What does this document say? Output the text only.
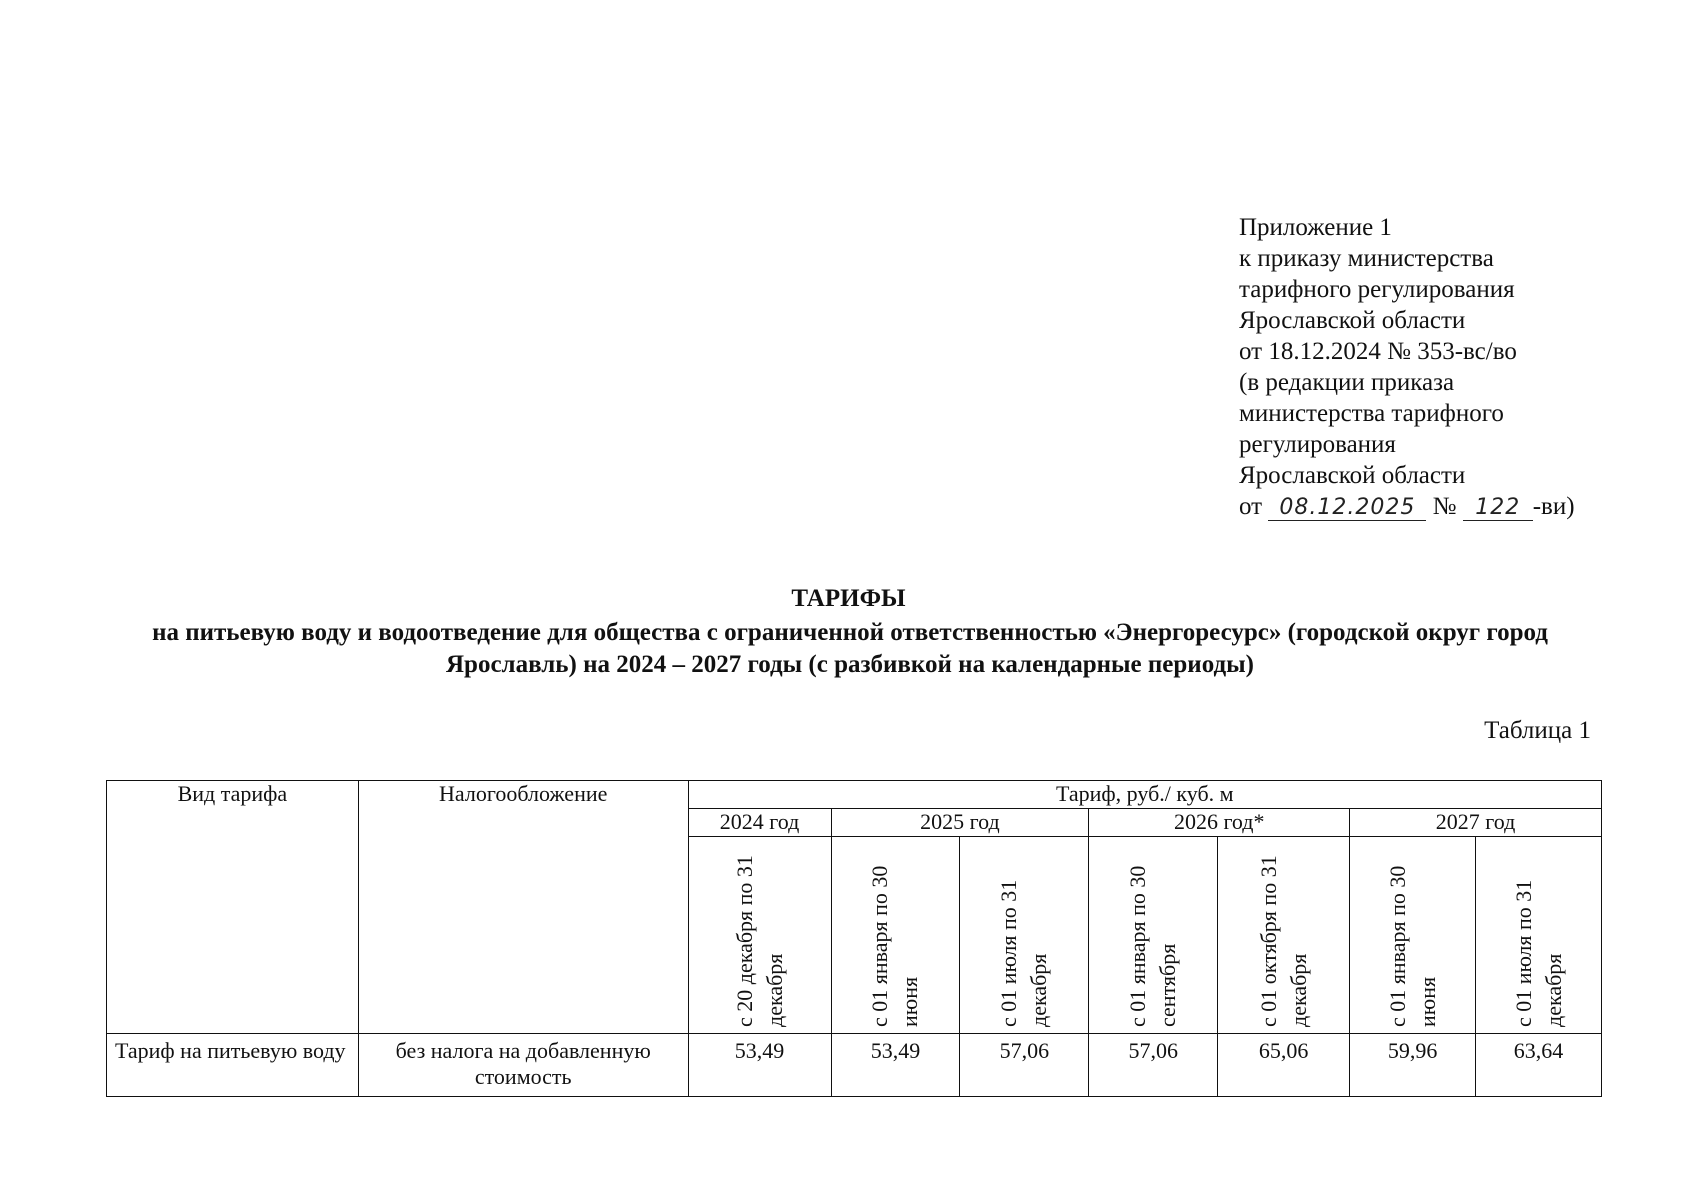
Приложение 1
к приказу министерства
тарифного регулирования
Ярославской области
от 18.12.2024 № 353-вс/во
(в редакции приказа
министерства тарифного
регулирования
Ярославской области
от 08.12.2025 № 122 -ви)
ТАРИФЫ
на питьевую воду и водоотведение для общества с ограниченной ответственностью «Энергоресурс» (городской округ город Ярославль) на 2024 – 2027 годы (с разбивкой на календарные периоды)
Таблица 1
Вид тарифа	Налогообложение	Тариф, руб./ куб. м						
		2024 год	2025 год		2026 год*		2027 год	
		с 20 декабря по 31 декабря	с 01 января по 30 июня	с 01 июля по 31 декабря	с 01 января по 30 сентября	с 01 октября по 31 декабря	с 01 января по 30 июня	с 01 июля по 31 декабря
Тариф на питьевую воду	без налога на добавленную стоимость	53,49	53,49	57,06	57,06	65,06	59,96	63,64
